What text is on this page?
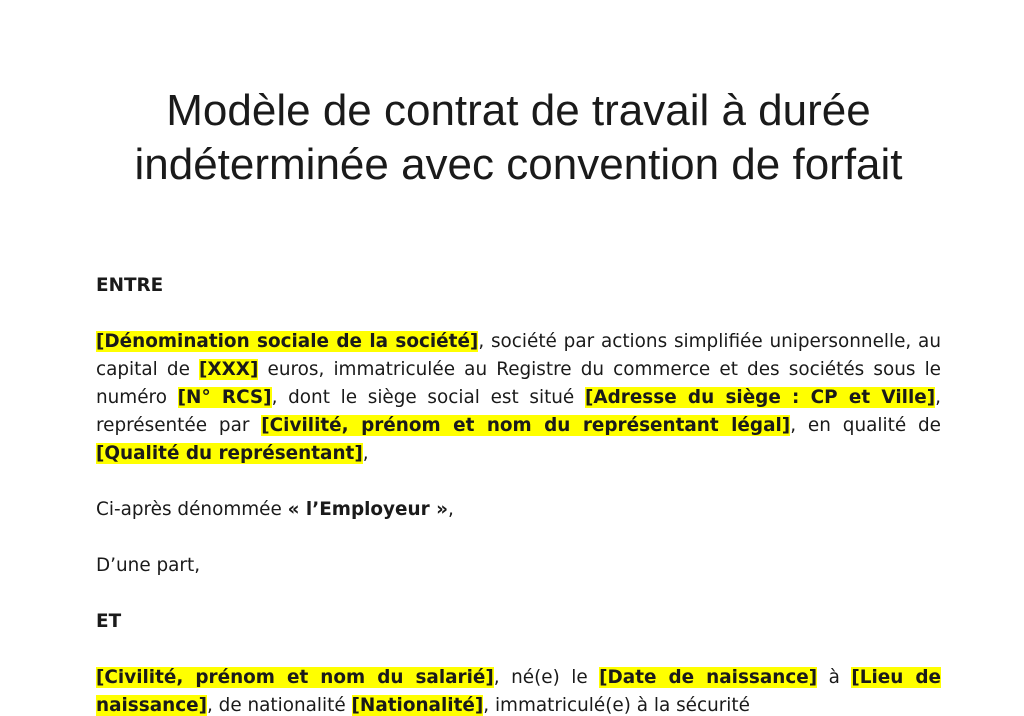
Modèle de contrat de travail à durée indéterminée avec convention de forfait

ENTRE

[Dénomination sociale de la société], société par actions simplifiée unipersonnelle, au capital de [XXX] euros, immatriculée au Registre du commerce et des sociétés sous le numéro [N° RCS], dont le siège social est situé [Adresse du siège : CP et Ville], représentée par [Civilité, prénom et nom du représentant légal], en qualité de [Qualité du représentant],

Ci-après dénommée « l’Employeur »,

D’une part,

ET

[Civilité, prénom et nom du salarié], né(e) le [Date de naissance] à [Lieu de naissance], de nationalité [Nationalité], immatriculé(e) à la sécurité
